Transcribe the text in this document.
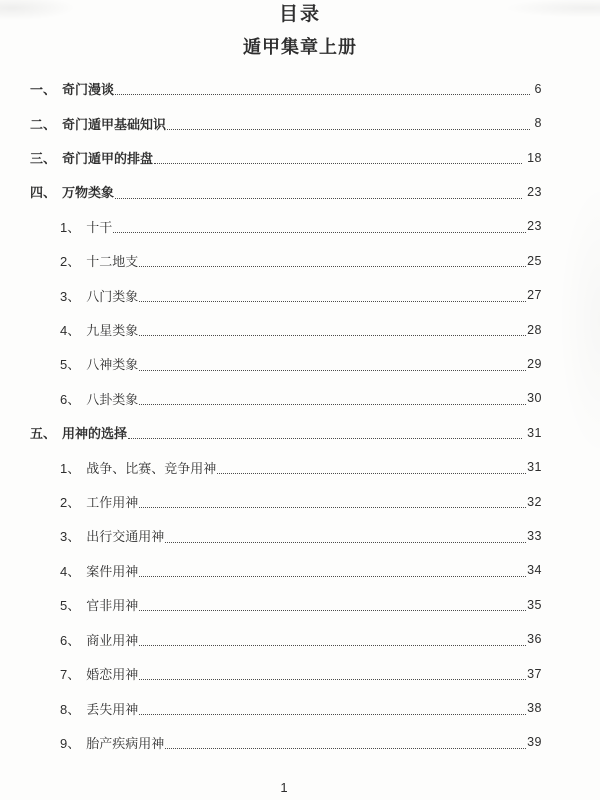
目录
遁甲集章上册
一、 奇门漫谈	6
二、 奇门遁甲基础知识	8
三、 奇门遁甲的排盘	18
四、 万物类象	23
1、 十干	23
2、 十二地支	25
3、 八门类象	27
4、 九星类象	28
5、 八神类象	29
6、 八卦类象	30
五、 用神的选择	31
1、 战争、比赛、竞争用神	31
2、 工作用神	32
3、 出行交通用神	33
4、 案件用神	34
5、 官非用神	35
6、 商业用神	36
7、 婚恋用神	37
8、 丢失用神	38
9、 胎产疾病用神	39
1
